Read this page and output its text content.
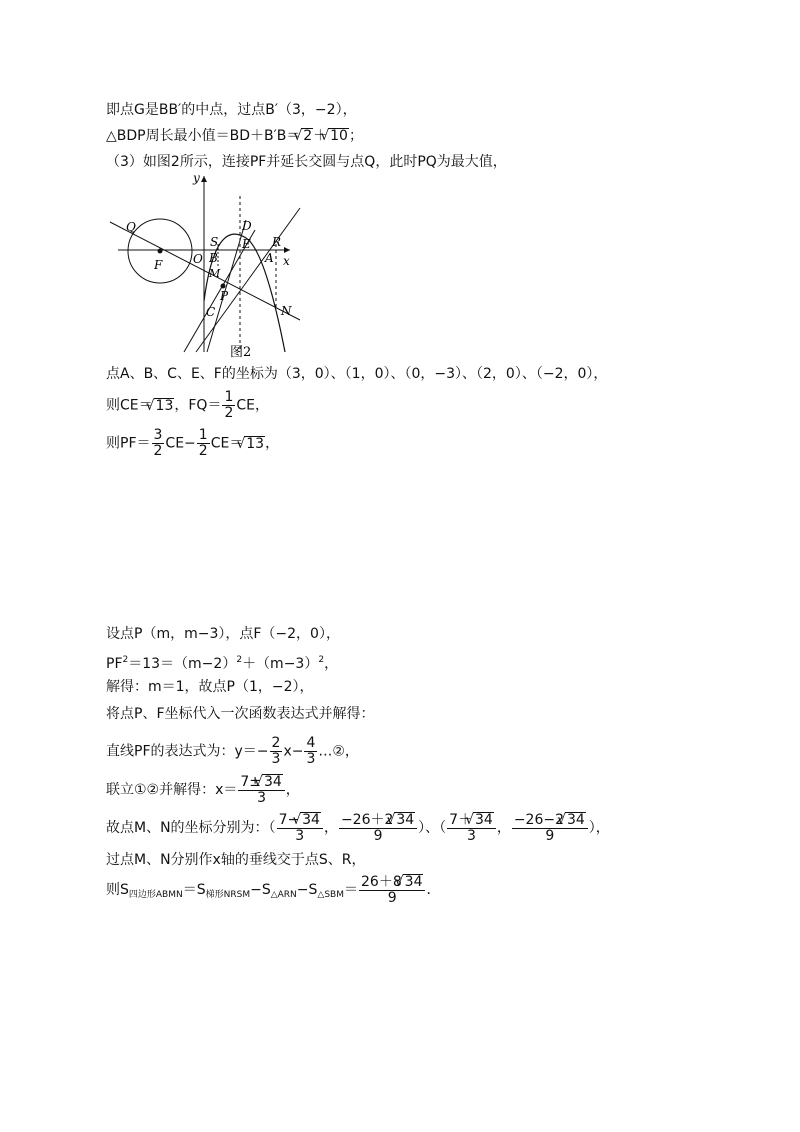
即点G是BB′的中点，过点B′（3，−2），
△BDP周长最小值＝BD＋B′B＝√ 2＋√ 10；
（3）如图2所示，连接PF并延长交圆与点Q，此时PQ为最大值，
y
x
Q
F	O
S
B
D
E R
A
M
P
C	N
图2
点A、B、C、E、F的坐标为（3，0）、（1，0）、（0，−3）、（2，0）、（−2，0），
则CE＝√ 13，$FQ= \frac{1}{2}$ CE，
则$PF= \frac{3}{2} CE- \frac{1}{2} CE=√$ 13，
设点P（m，m−3），点F（−2，0），
$PF^2=13=(m-2)^2+(m-3)^2$，
解得：m＝1，故点P（1，−2），
将点P、F坐标代入一次函数表达式并解得：
直线PF的表达式为：$y=- \frac{2}{3} x- \frac{4}{3}$ …②，
联立①②并解得：$x= \frac{7\pm√ 34}{3}$ ，
故点M、N的坐标分别为：（ $\frac{7-√ 34}{3}$ ， $\frac{-26+2√ 34}{9}$ ）、（ $\frac{7+√ 34}{3}$ ， $\frac{-26-2√ 34}{9}$ ），
过点M、N分别作x轴的垂线交于点S、R，
则$S_{四边形ABMN}=S_{梯形NRSM}-S_{\triangle ARN}-S_{\triangle SBM}= \frac{26+8√ 34}{9}$ ．
